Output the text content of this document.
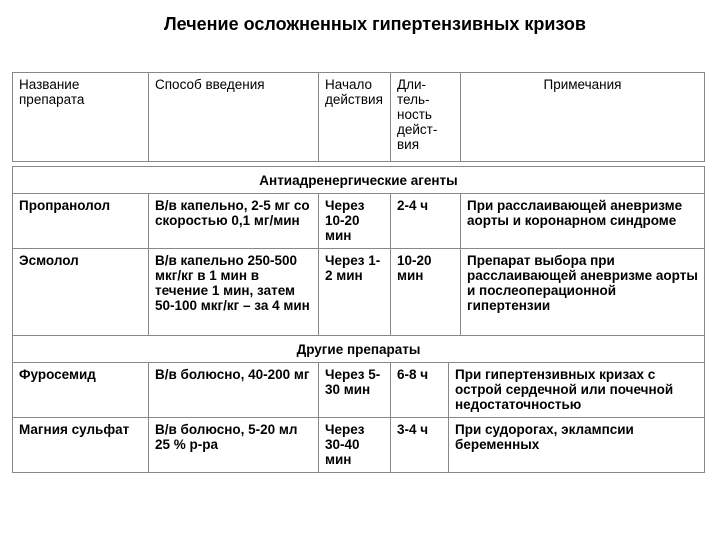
Лечение осложненных гипертензивных кризов
Название препарата	Способ введения	Начало действия	Дли-тель-ность дейст-вия	Примечания
Антиадренергические агенты					
Пропранолол	В/в капельно, 2-5 мг со скоростью 0,1 мг/мин	Через 10-20 мин	2-4 ч		При расслаивающей аневризме аорты и коронарном синдроме
Эсмолол	В/в капельно 250-500 мкг/кг в 1 мин в течение 1 мин, затем 50-100 мкг/кг – за 4 мин	Через 1-2 мин	10-20 мин		Препарат выбора при расслаивающей аневризме аорты и послеоперационной гипертензии
Другие препараты					
Фуросемид	В/в болюсно, 40-200 мг	Через 5-30 мин	6-8 ч	При гипертензивных кризах с острой сердечной или почечной недостаточностью	
Магния сульфат	В/в болюсно, 5-20 мл 25 % р-ра	Через 30-40 мин	3-4 ч	При судорогах, эклампсии беременных	
